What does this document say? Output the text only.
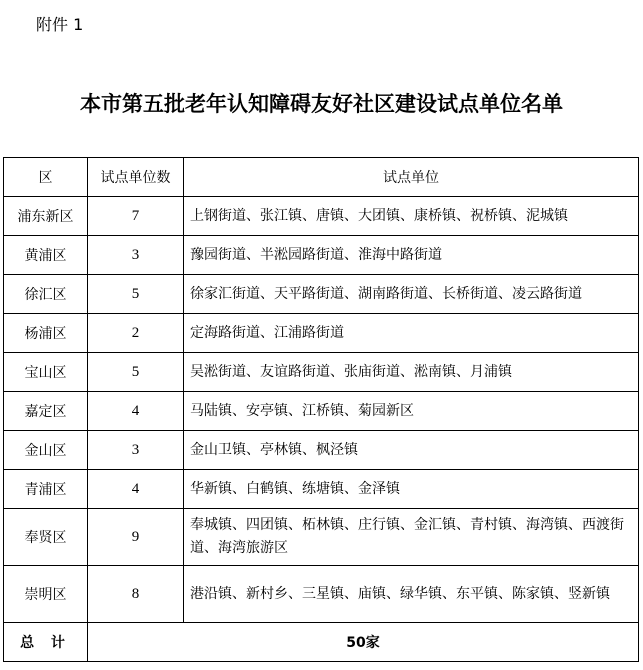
附件 1
本市第五批老年认知障碍友好社区建设试点单位名单
区	试点单位数	试点单位
浦东新区	7	上钢街道、张江镇、唐镇、大团镇、康桥镇、祝桥镇、泥城镇
黄浦区	3	豫园街道、半淞园路街道、淮海中路街道
徐汇区	5	徐家汇街道、天平路街道、湖南路街道、长桥街道、凌云路街道
杨浦区	2	定海路街道、江浦路街道
宝山区	5	吴淞街道、友谊路街道、张庙街道、淞南镇、月浦镇
嘉定区	4	马陆镇、安亭镇、江桥镇、菊园新区
金山区	3	金山卫镇、亭林镇、枫泾镇
青浦区	4	华新镇、白鹤镇、练塘镇、金泽镇
奉贤区	9	奉城镇、四团镇、柘林镇、庄行镇、金汇镇、青村镇、海湾镇、西渡街道、海湾旅游区
崇明区	8	港沿镇、新村乡、三星镇、庙镇、绿华镇、东平镇、陈家镇、竖新镇
总 计	50家	
